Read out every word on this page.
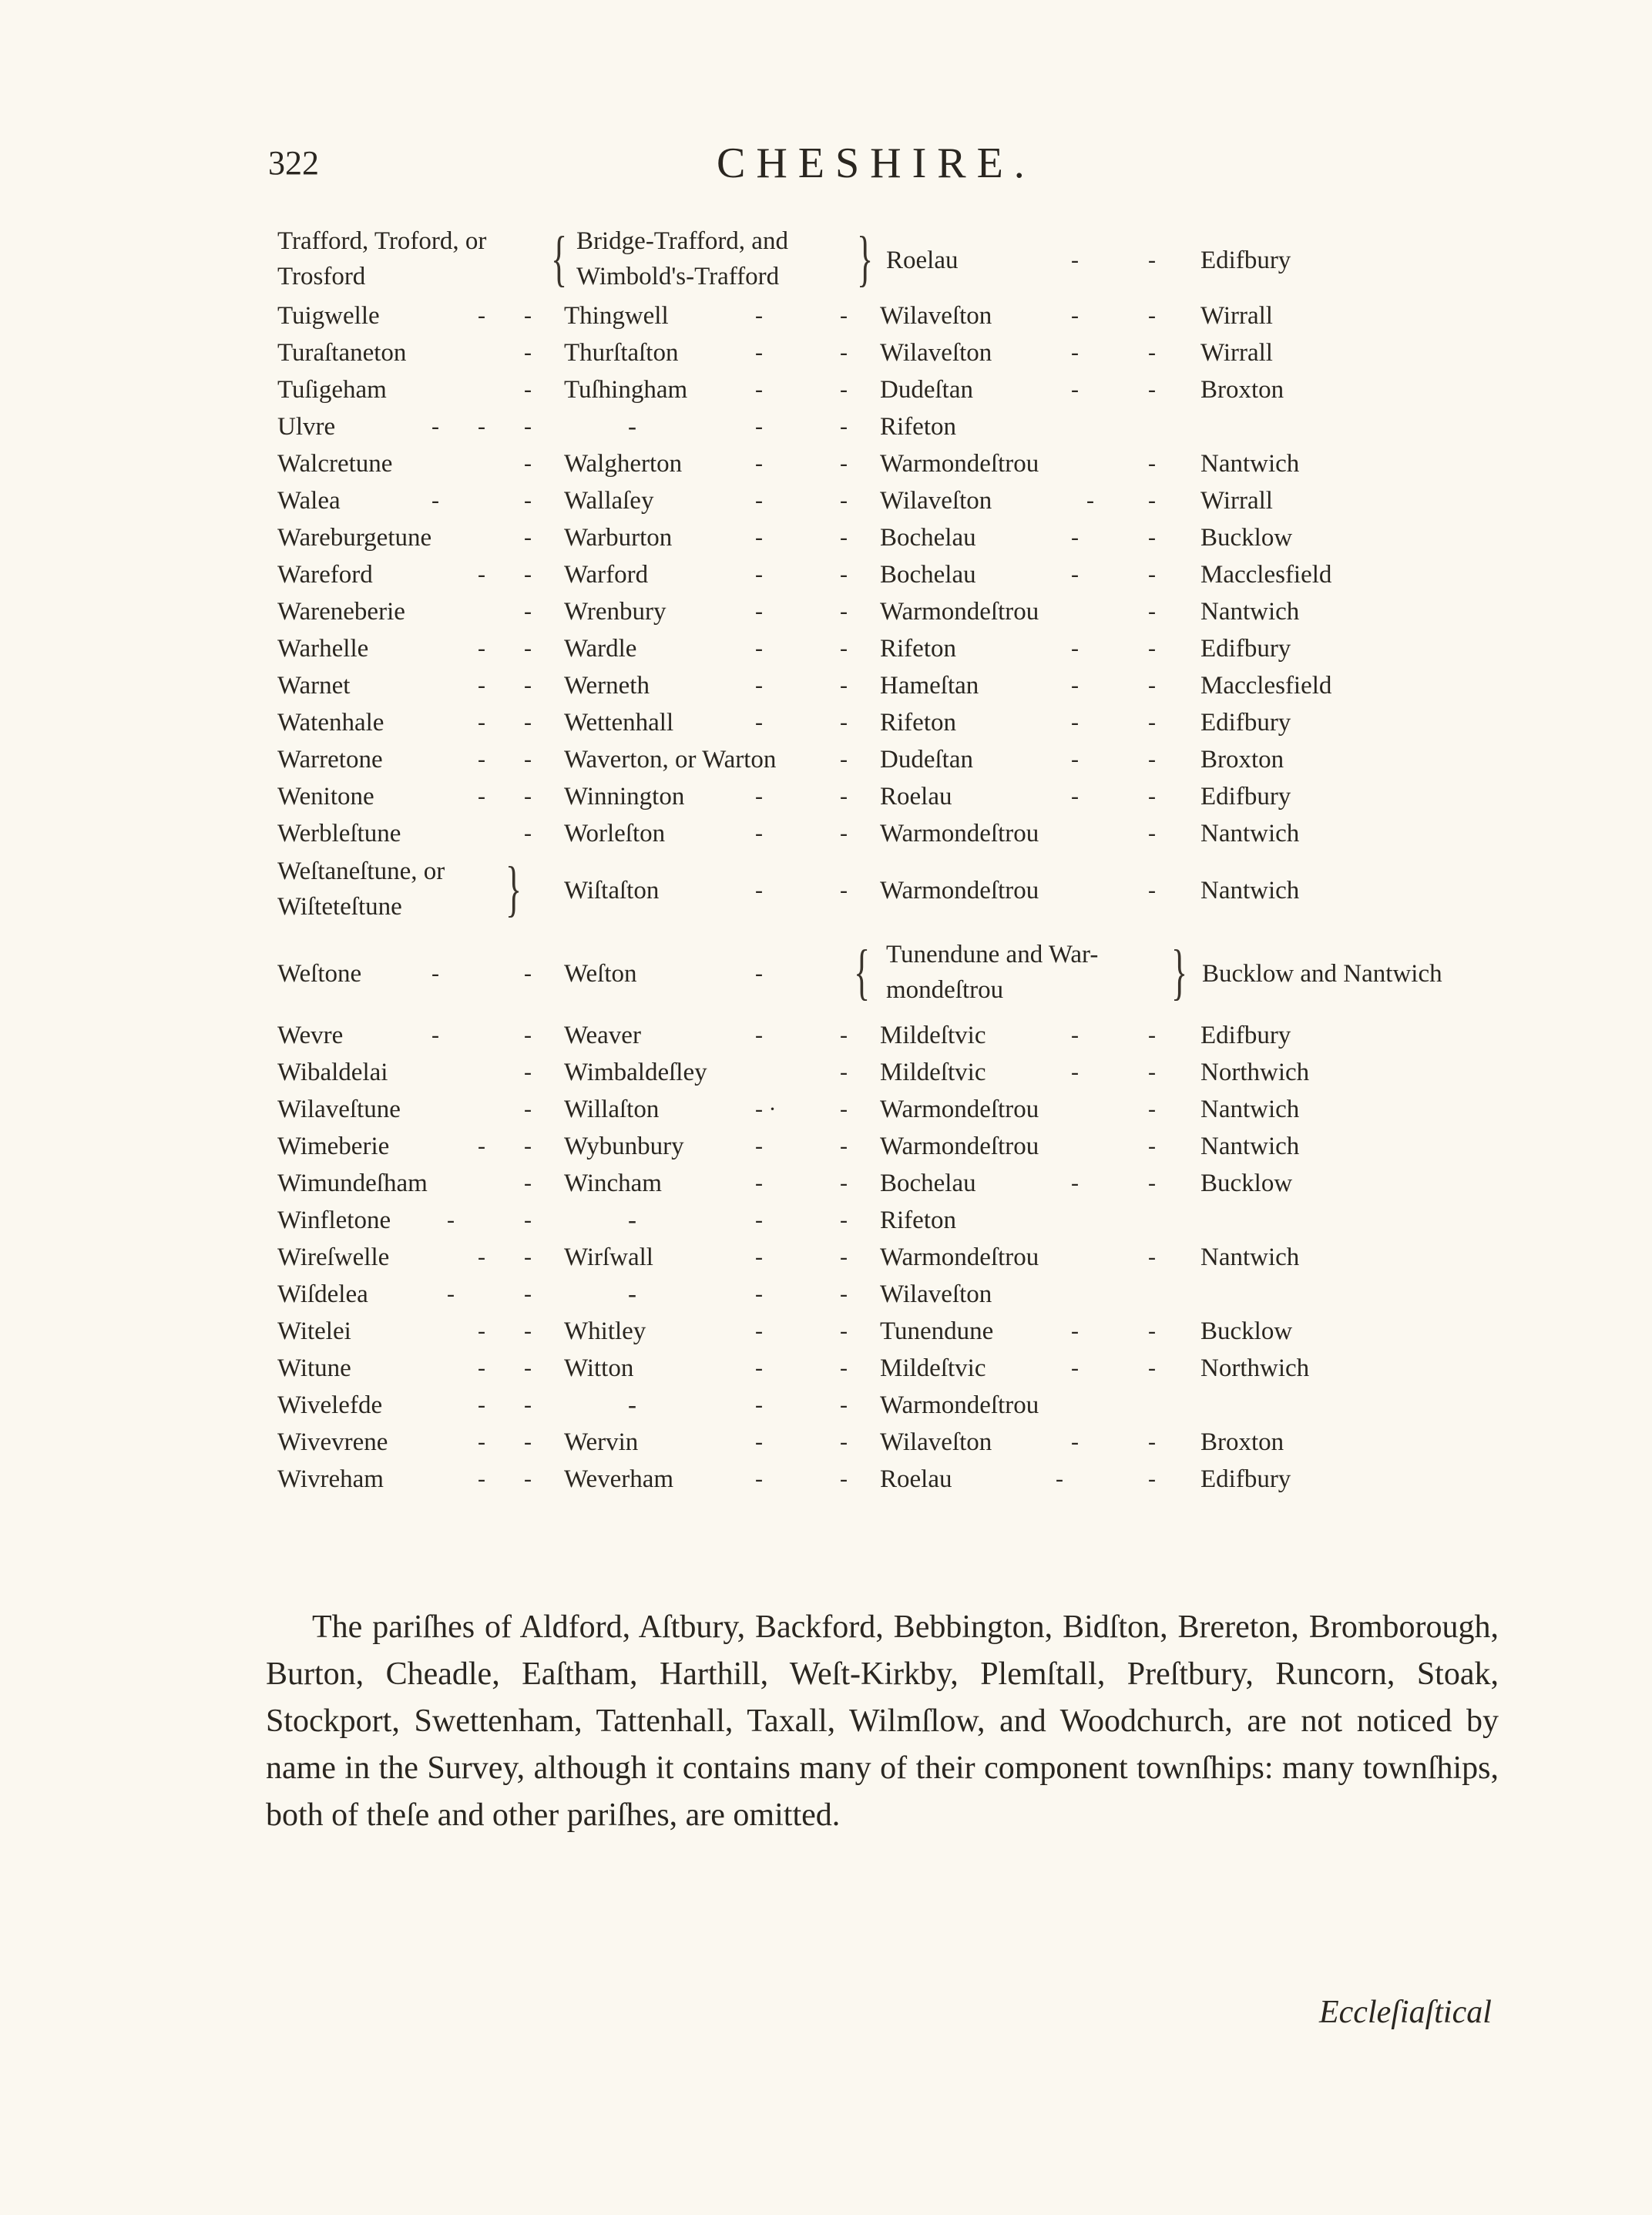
322	CHESHIRE.
Trafford, Troford, or Trosford	{ Bridge-Trafford, and Wimbold's-Trafford	} Roelau	-	- Edifbury
Tuigwelle	- - Thingwell	-	- Wilaveſton	-	- Wirrall
Turaſtaneton	- Thurſtaſton	-	- Wilaveſton	-	- Wirrall
Tuſigeham	- Tuſhingham	-	- Dudeſtan	-	- Broxton
Ulvre	- - -	-	-	- Rifeton
Walcretune	- Walgherton	-	- Warmondeſtrou	- Nantwich
Walea	-	- Wallaſey	-	- Wilaveſton	- - Wirrall
Wareburgetune	- Warburton	-	- Bochelau	-	- Bucklow
Wareford	- - Warford	-	- Bochelau	-	- Macclesfield
Wareneberie	- Wrenbury	-	- Warmondeſtrou	- Nantwich
Warhelle	- - Wardle	-	- Rifeton	-	- Edifbury
Warnet	- - Werneth	-	- Hameſtan	-	- Macclesfield
Watenhale	- - Wettenhall	-	- Rifeton	-	- Edifbury
Warretone	- - Waverton, or Warton	- Dudeſtan	-	- Broxton
Wenitone	- - Winnington	-	- Roelau	-	- Edifbury
Werbleſtune	- Worleſton	-	- Warmondeſtrou	- Nantwich
Weſtaneſtune, or Wiſteteſtune	} Wiſtaſton	-	- Warmondeſtrou	- Nantwich
Weſtone	-	- Weſton	- { Tunendune and War-mondeſtrou	} Bucklow and Nantwich
Wevre	-	- Weaver	-	- Mildeſtvic	-	- Edifbury
Wibaldelai	- Wimbaldeſley	- Mildeſtvic	-	- Northwich
Wilaveſtune	- Willaſton	- ·	- Warmondeſtrou	- Nantwich
Wimeberie	- - Wybunbury	-	- Warmondeſtrou	- Nantwich
Wimundeſham	- Wincham	-	- Bochelau	-	- Bucklow
Winfletone -	-	-	-	- Rifeton
Wireſwelle	- - Wirſwall	-	- Warmondeſtrou	- Nantwich
Wiſdelea	-	-	-	-	- Wilaveſton
Witelei	- - Whitley	-	- Tunendune	-	- Bucklow
Witune	- - Witton	-	- Mildeſtvic	-	- Northwich
Wivelefde	- -	-	-	- Warmondeſtrou
Wivevrene	- - Wervin	-	- Wilaveſton	-	- Broxton
Wivreham	- - Weverham	-	- Roelau	-	- Edifbury

The pariſhes of Aldford, Aſtbury, Backford, Bebbington, Bidſton, Brereton, Bromborough, Burton, Cheadle, Eaſtham, Harthill, Weſt-Kirkby, Plemſtall, Preſtbury, Runcorn, Stoak, Stockport, Swettenham, Tattenhall, Taxall, Wilmſlow, and Woodchurch, are not noticed by name in the Survey, although it contains many of their component townſhips: many townſhips, both of theſe and other pariſhes, are omitted.

Eccleſiaſtical
